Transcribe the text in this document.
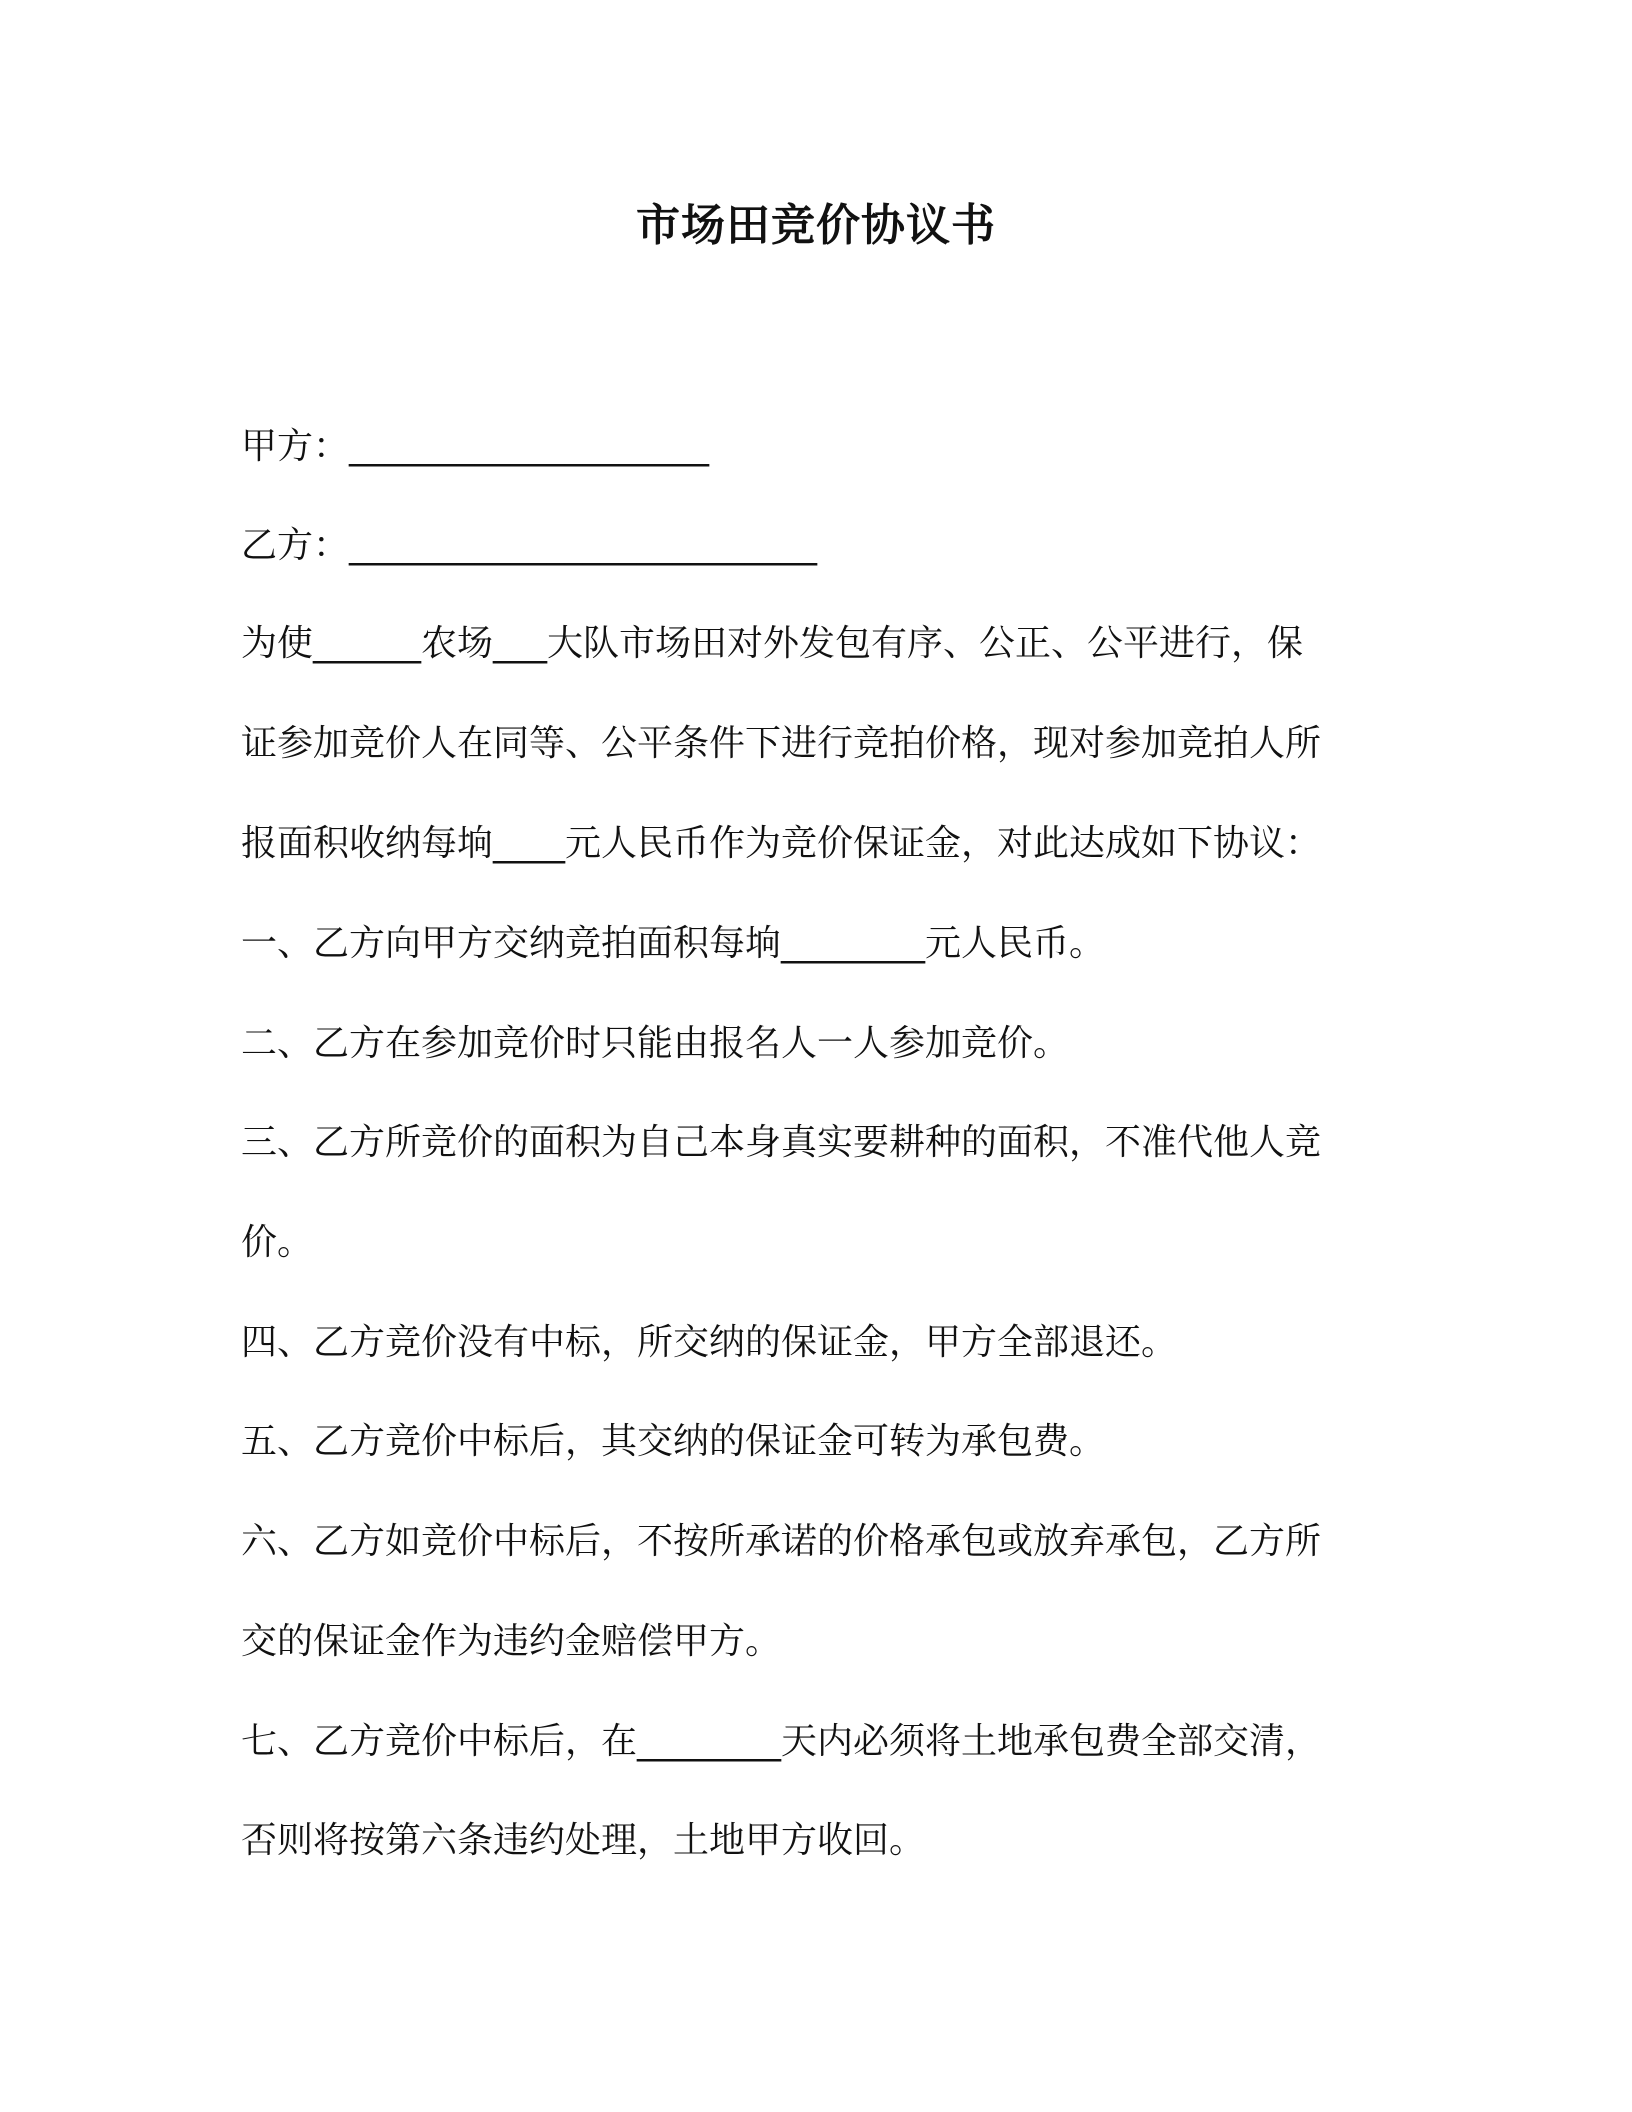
市场田竞价协议书
甲方：____________________
乙方：__________________________
为使______农场___大队市场田对外发包有序、公正、公平进行，保
证参加竞价人在同等、公平条件下进行竞拍价格，现对参加竞拍人所
报面积收纳每垧____元人民币作为竞价保证金，对此达成如下协议：
一、乙方向甲方交纳竞拍面积每垧________元人民币。
二、乙方在参加竞价时只能由报名人一人参加竞价。
三、乙方所竞价的面积为自己本身真实要耕种的面积，不准代他人竞
价。
四、乙方竞价没有中标，所交纳的保证金，甲方全部退还。
五、乙方竞价中标后，其交纳的保证金可转为承包费。
六、乙方如竞价中标后，不按所承诺的价格承包或放弃承包，乙方所
交的保证金作为违约金赔偿甲方。
七、乙方竞价中标后，在________天内必须将土地承包费全部交清，
否则将按第六条违约处理，土地甲方收回。
